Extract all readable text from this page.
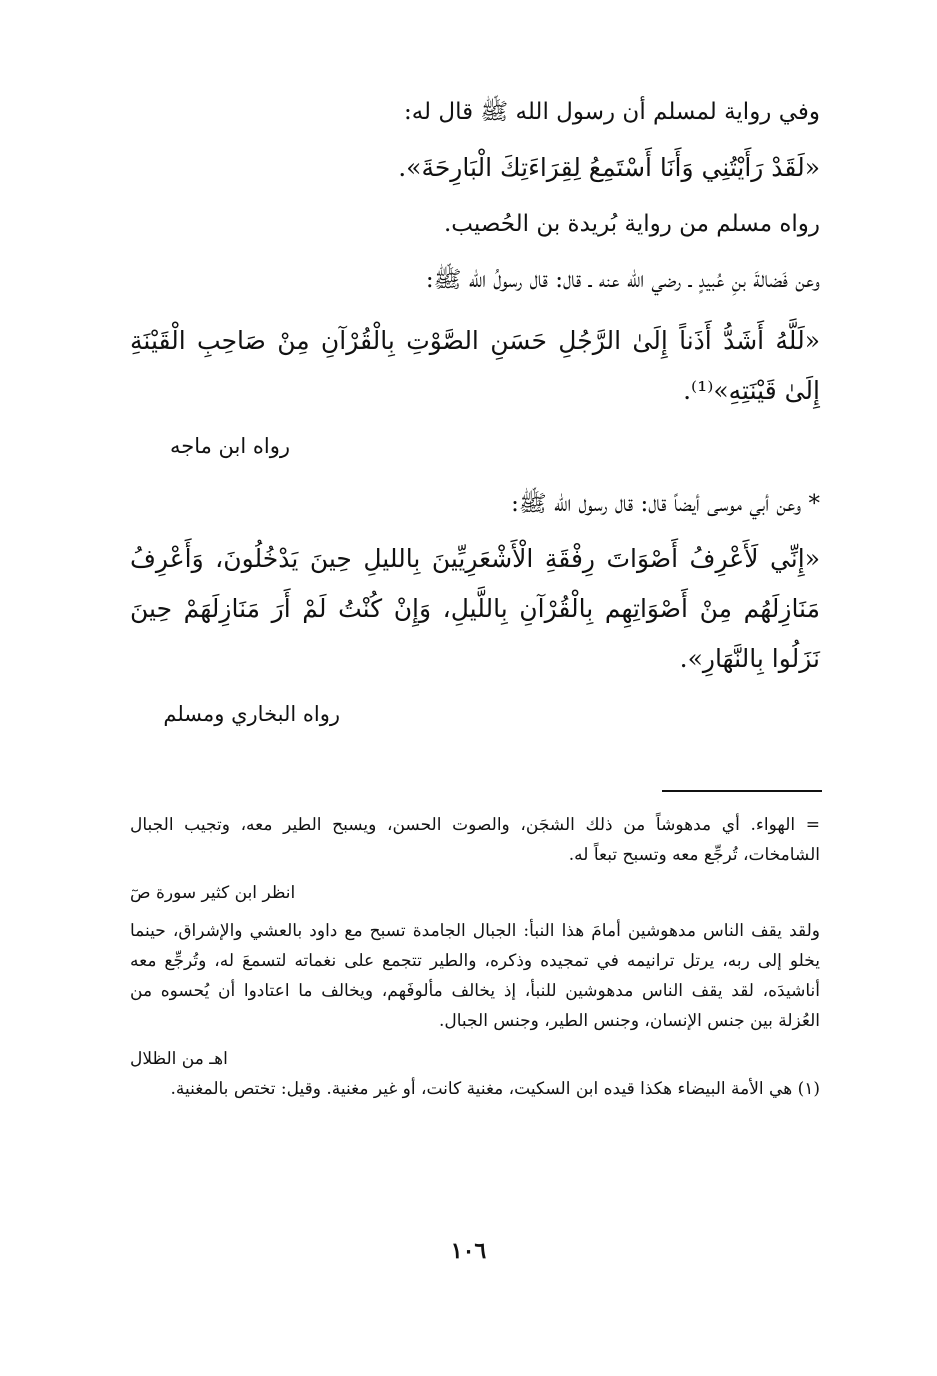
وفي رواية لمسلم أن رسول الله ﷺ قال له:

«لَقَدْ رَأَيْتُنِي وَأَنَا أَسْتَمِعُ لِقِرَاءَتِكَ الْبَارِحَةَ».

رواه مسلم من رواية بُريدة بن الحُصيب.

وعن فَضالةَ بنِ عُبيدٍ ـ رضي الله عنه ـ قال: قال رسولُ الله ﷺ:

«لَلَّهُ أَشَدُّ أَذَناً إِلَىٰ الرَّجُلِ حَسَنِ الصَّوْتِ بِالْقُرْآنِ مِنْ صَاحِبِ الْقَيْنَةِ إِلَىٰ قَيْنَتِهِ»⁽¹⁾.

رواه ابن ماجه

* وعن أبي موسى أيضاً قال: قال رسول الله ﷺ:

«إِنِّي لَأَعْرِفُ أَصْوَاتَ رِفْقَةِ الْأَشْعَرِيِّينَ بِالليلِ حِينَ يَدْخُلُونَ، وَأَعْرِفُ مَنَازِلَهُم مِنْ أَصْوَاتِهِم بِالْقُرْآنِ بِاللَّيلِ، وَإِنْ كُنْتُ لَمْ أَرَ مَنَازِلَهَمْ حِينَ نَزَلُوا بِالنَّهَارِ».

رواه البخاري ومسلم

= الهواء. أي مدهوشاً من ذلك الشجَن، والصوت الحسن، ويسبح الطير معه، وتجيب الجبال الشامخات، تُرجِّع معه وتسبح تبعاً له.

انظر ابن كثير سورة صٓ

ولقد يقف الناس مدهوشين أمامَ هذا النبأ: الجبال الجامدة تسبح مع داود بالعشي والإشراق، حينما يخلو إلى ربه، يرتل ترانيمه في تمجيده وذكره، والطير تتجمع على نغماته لتسمعَ له، وتُرجِّع معه أناشيدَه، لقد يقف الناس مدهوشين للنبأ، إذ يخالف مألوفَهم، ويخالف ما اعتادوا أن يُحسوه من العُزلة بين جنس الإنسان، وجنس الطير، وجنس الجبال.

اهـ من الظلال

(١) هي الأمة البيضاء هكذا قيده ابن السكيت، مغنية كانت، أو غير مغنية. وقيل: تختص بالمغنية.

١٠٦
